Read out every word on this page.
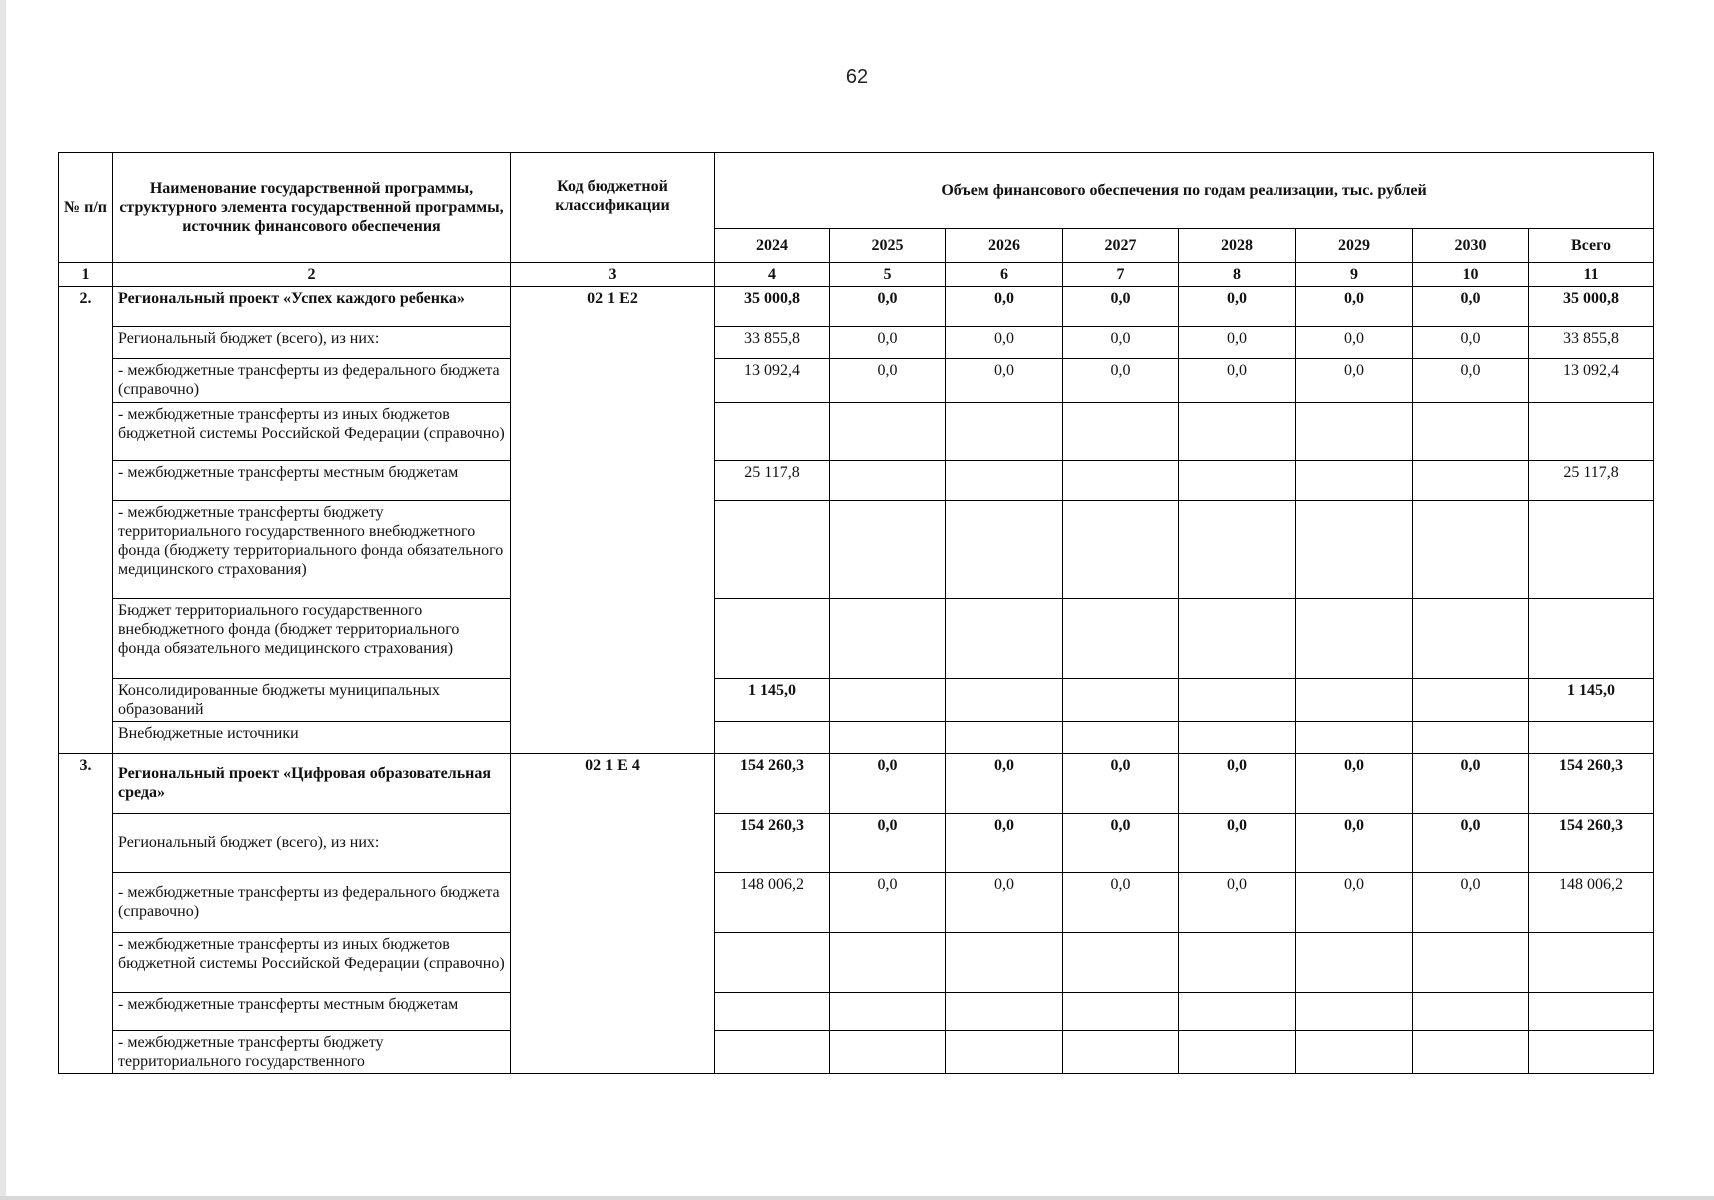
62
№ п/п	Наименование государственной программы, структурного элемента государственной программы, источник финансового обеспечения	Код бюджетной классификации	Объем финансового обеспечения по годам реализации, тыс. рублей							
			2024	2025	2026	2027	2028	2029	2030	Всего
1	2	3	4	5	6	7	8	9	10	11
2.	Региональный проект «Успех каждого ребенка»	02 1 Е2	35 000,8	0,0	0,0	0,0	0,0	0,0	0,0	35 000,8
	Региональный бюджет (всего), из них:		33 855,8	0,0	0,0	0,0	0,0	0,0	0,0	33 855,8
	- межбюджетные трансферты из федерального бюджета (справочно)		13 092,4	0,0	0,0	0,0	0,0	0,0	0,0	13 092,4
	- межбюджетные трансферты из иных бюджетов бюджетной системы Российской Федерации (справочно)									
	- межбюджетные трансферты местным бюджетам		25 117,8							25 117,8
	- межбюджетные трансферты бюджету территориального государственного внебюджетного фонда (бюджету территориального фонда обязательного медицинского страхования)									
	Бюджет территориального государственного внебюджетного фонда (бюджет территориального фонда обязательного медицинского страхования)									
	Консолидированные бюджеты муниципальных образований		1 145,0							1 145,0
	Внебюджетные источники									
3.	Региональный проект «Цифровая образовательная среда»	02 1 Е 4	154 260,3	0,0	0,0	0,0	0,0	0,0	0,0	154 260,3
	Региональный бюджет (всего), из них:		154 260,3	0,0	0,0	0,0	0,0	0,0	0,0	154 260,3
	- межбюджетные трансферты из федерального бюджета (справочно)		148 006,2	0,0	0,0	0,0	0,0	0,0	0,0	148 006,2
	- межбюджетные трансферты из иных бюджетов бюджетной системы Российской Федерации (справочно)									
	- межбюджетные трансферты местным бюджетам									
	- межбюджетные трансферты бюджету территориального государственного									
